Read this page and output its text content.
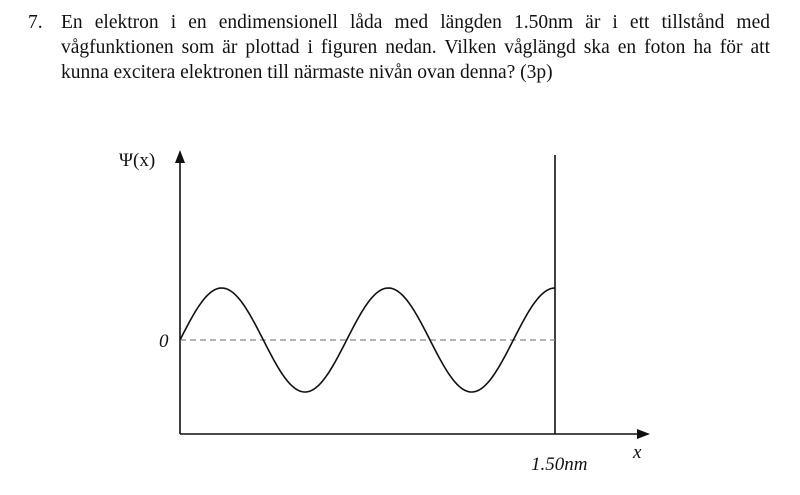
7. En elektron i en endimensionell låda med längden 1.50nm är i ett tillstånd med vågfunktionen som är plottad i figuren nedan. Vilken våglängd ska en foton ha för att kunna excitera elektronen till närmaste nivån ovan denna? (3p)
Ψ(x)
0
1.50nm
x
